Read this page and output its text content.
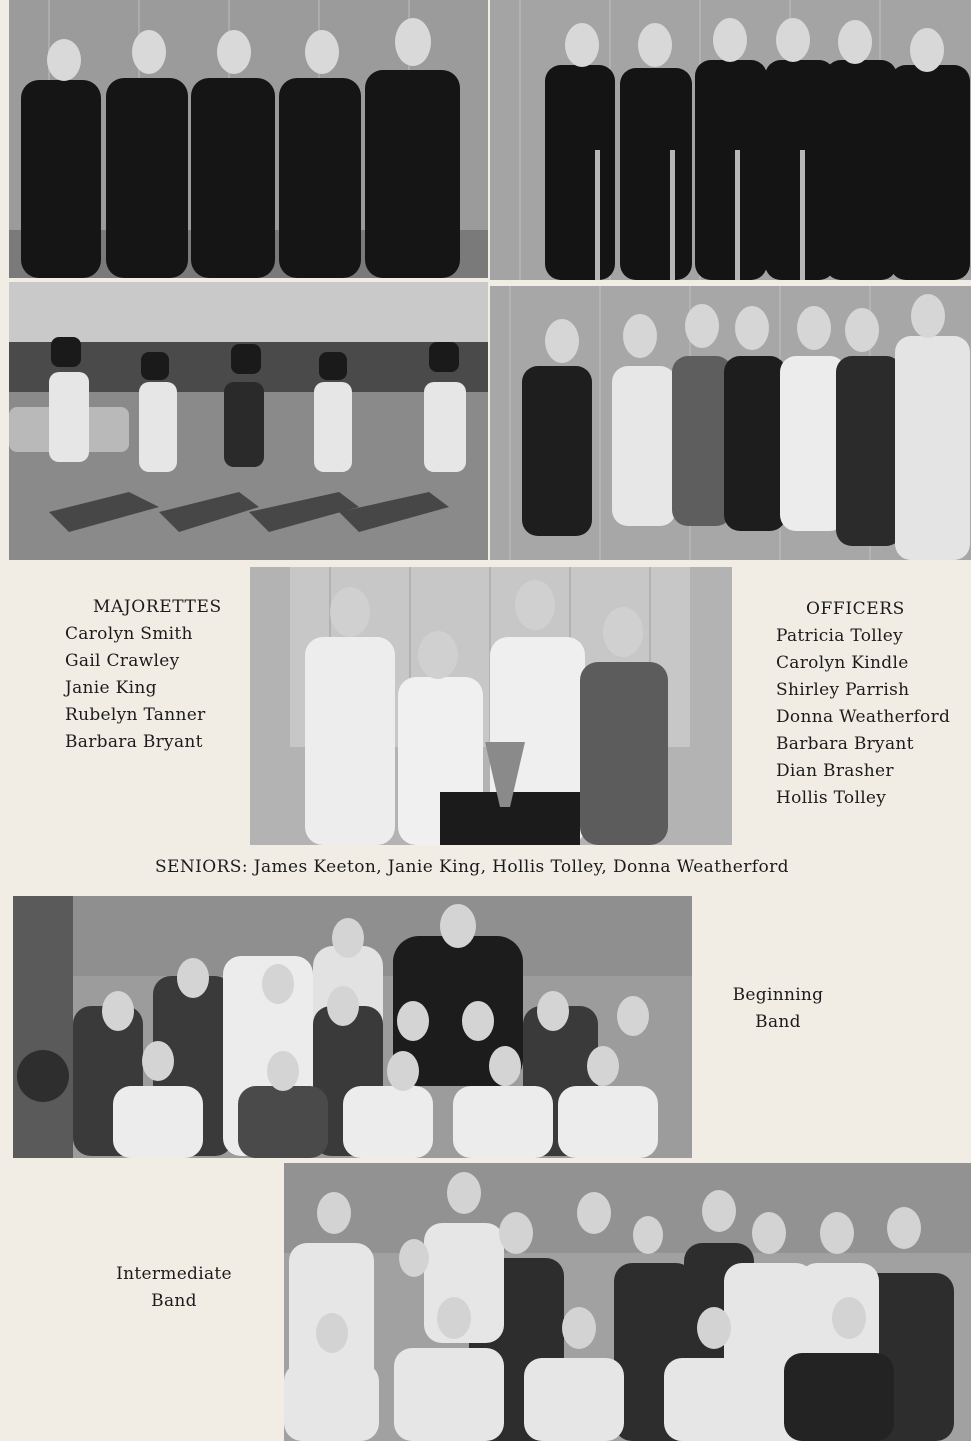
MAJORETTES
Carolyn Smith
Gail Crawley
Janie King
Rubelyn Tanner
Barbara Bryant
OFFICERS
Patricia Tolley
Carolyn Kindle
Shirley Parrish
Donna Weatherford
Barbara Bryant
Dian Brasher
Hollis Tolley
SENIORS: James Keeton, Janie King, Hollis Tolley, Donna Weatherford
Beginning
Band
Intermediate
Band
